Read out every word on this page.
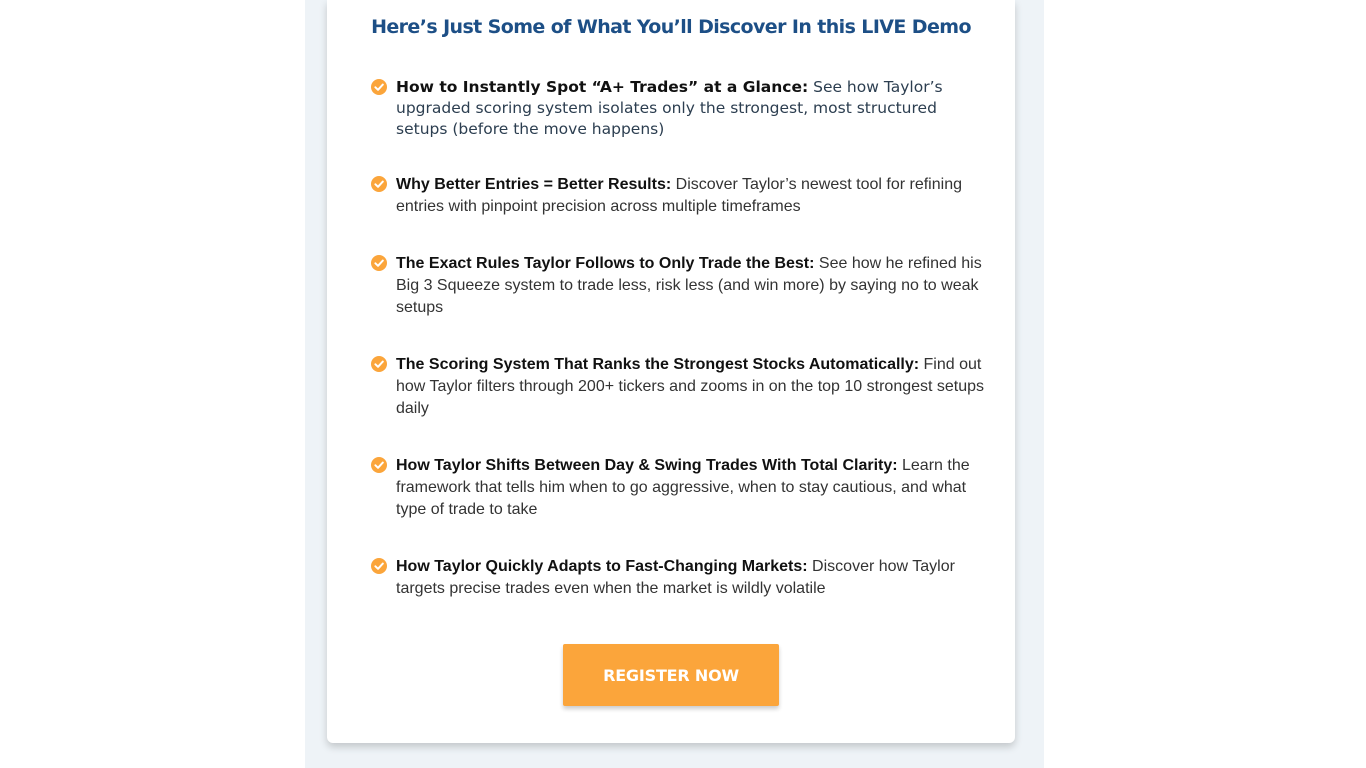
Here’s Just Some of What You’ll Discover In this LIVE Demo
How to Instantly Spot “A+ Trades” at a Glance: See how Taylor’s upgraded scoring system isolates only the strongest, most structured setups (before the move happens)
Why Better Entries = Better Results: Discover Taylor’s newest tool for refining entries with pinpoint precision across multiple timeframes
The Exact Rules Taylor Follows to Only Trade the Best: See how he refined his Big 3 Squeeze system to trade less, risk less (and win more) by saying no to weak setups
The Scoring System That Ranks the Strongest Stocks Automatically: Find out how Taylor filters through 200+ tickers and zooms in on the top 10 strongest setups daily
How Taylor Shifts Between Day & Swing Trades With Total Clarity: Learn the framework that tells him when to go aggressive, when to stay cautious, and what type of trade to take
How Taylor Quickly Adapts to Fast-Changing Markets: Discover how Taylor targets precise trades even when the market is wildly volatile
REGISTER NOW
